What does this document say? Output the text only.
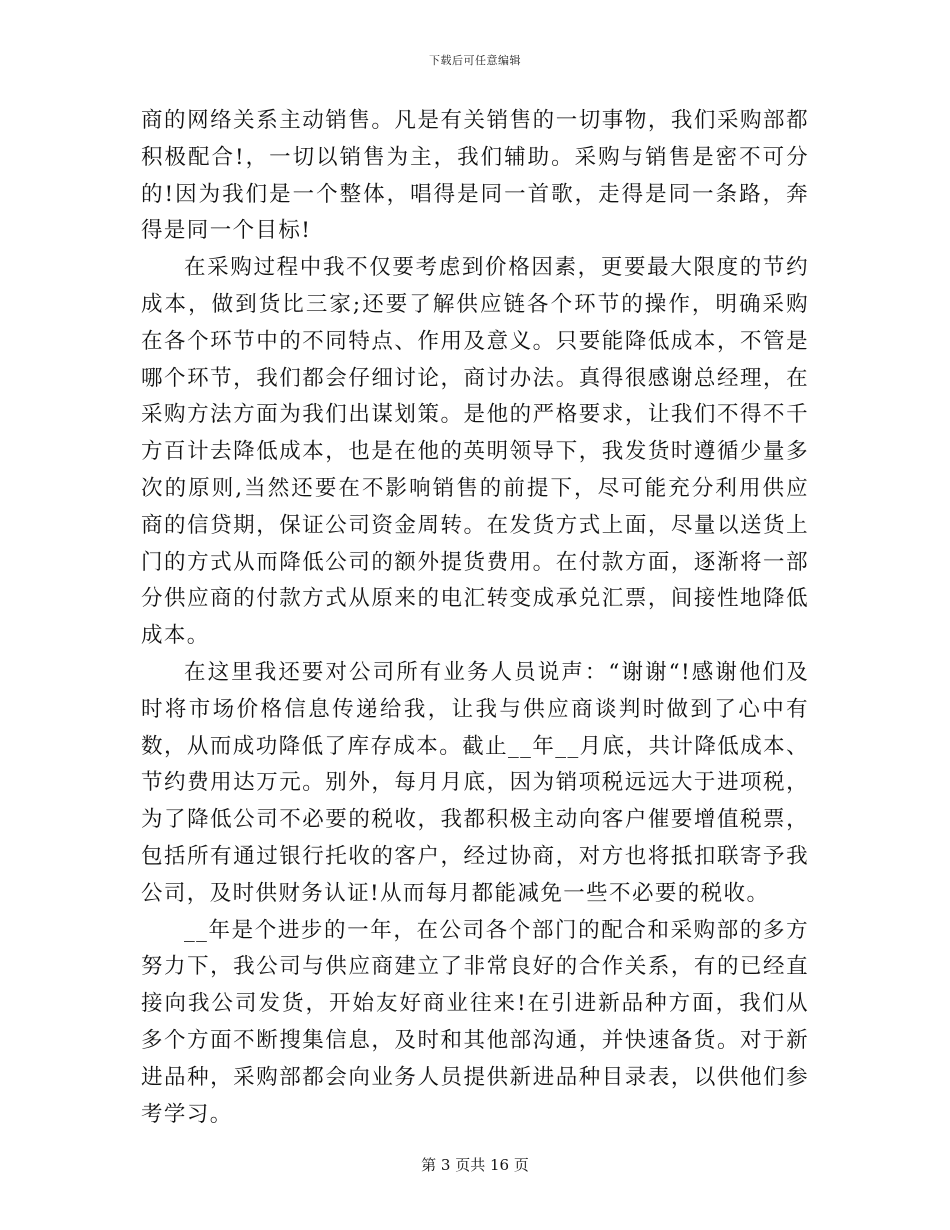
下载后可任意编辑

商的网络关系主动销售。凡是有关销售的一切事物，我们采购部都积极配合!，一切以销售为主，我们辅助。采购与销售是密不可分的!因为我们是一个整体，唱得是同一首歌，走得是同一条路，奔得是同一个目标!

在采购过程中我不仅要考虑到价格因素，更要最大限度的节约成本，做到货比三家;还要了解供应链各个环节的操作，明确采购在各个环节中的不同特点、作用及意义。只要能降低成本，不管是哪个环节，我们都会仔细讨论，商讨办法。真得很感谢总经理，在采购方法方面为我们出谋划策。是他的严格要求，让我们不得不千方百计去降低成本，也是在他的英明领导下，我发货时遵循少量多次的原则,当然还要在不影响销售的前提下，尽可能充分利用供应商的信贷期，保证公司资金周转。在发货方式上面，尽量以送货上门的方式从而降低公司的额外提货费用。在付款方面，逐渐将一部分供应商的付款方式从原来的电汇转变成承兑汇票，间接性地降低成本。

在这里我还要对公司所有业务人员说声：“谢谢“!感谢他们及时将市场价格信息传递给我，让我与供应商谈判时做到了心中有数，从而成功降低了库存成本。截止__年__月底，共计降低成本、节约费用达万元。别外，每月月底，因为销项税远远大于进项税，为了降低公司不必要的税收，我都积极主动向客户催要增值税票，包括所有通过银行托收的客户，经过协商，对方也将抵扣联寄予我公司，及时供财务认证!从而每月都能减免一些不必要的税收。

__年是个进步的一年，在公司各个部门的配合和采购部的多方努力下，我公司与供应商建立了非常良好的合作关系，有的已经直接向我公司发货，开始友好商业往来!在引进新品种方面，我们从多个方面不断搜集信息，及时和其他部沟通，并快速备货。对于新进品种，采购部都会向业务人员提供新进品种目录表，以供他们参考学习。

第 3 页共 16 页
